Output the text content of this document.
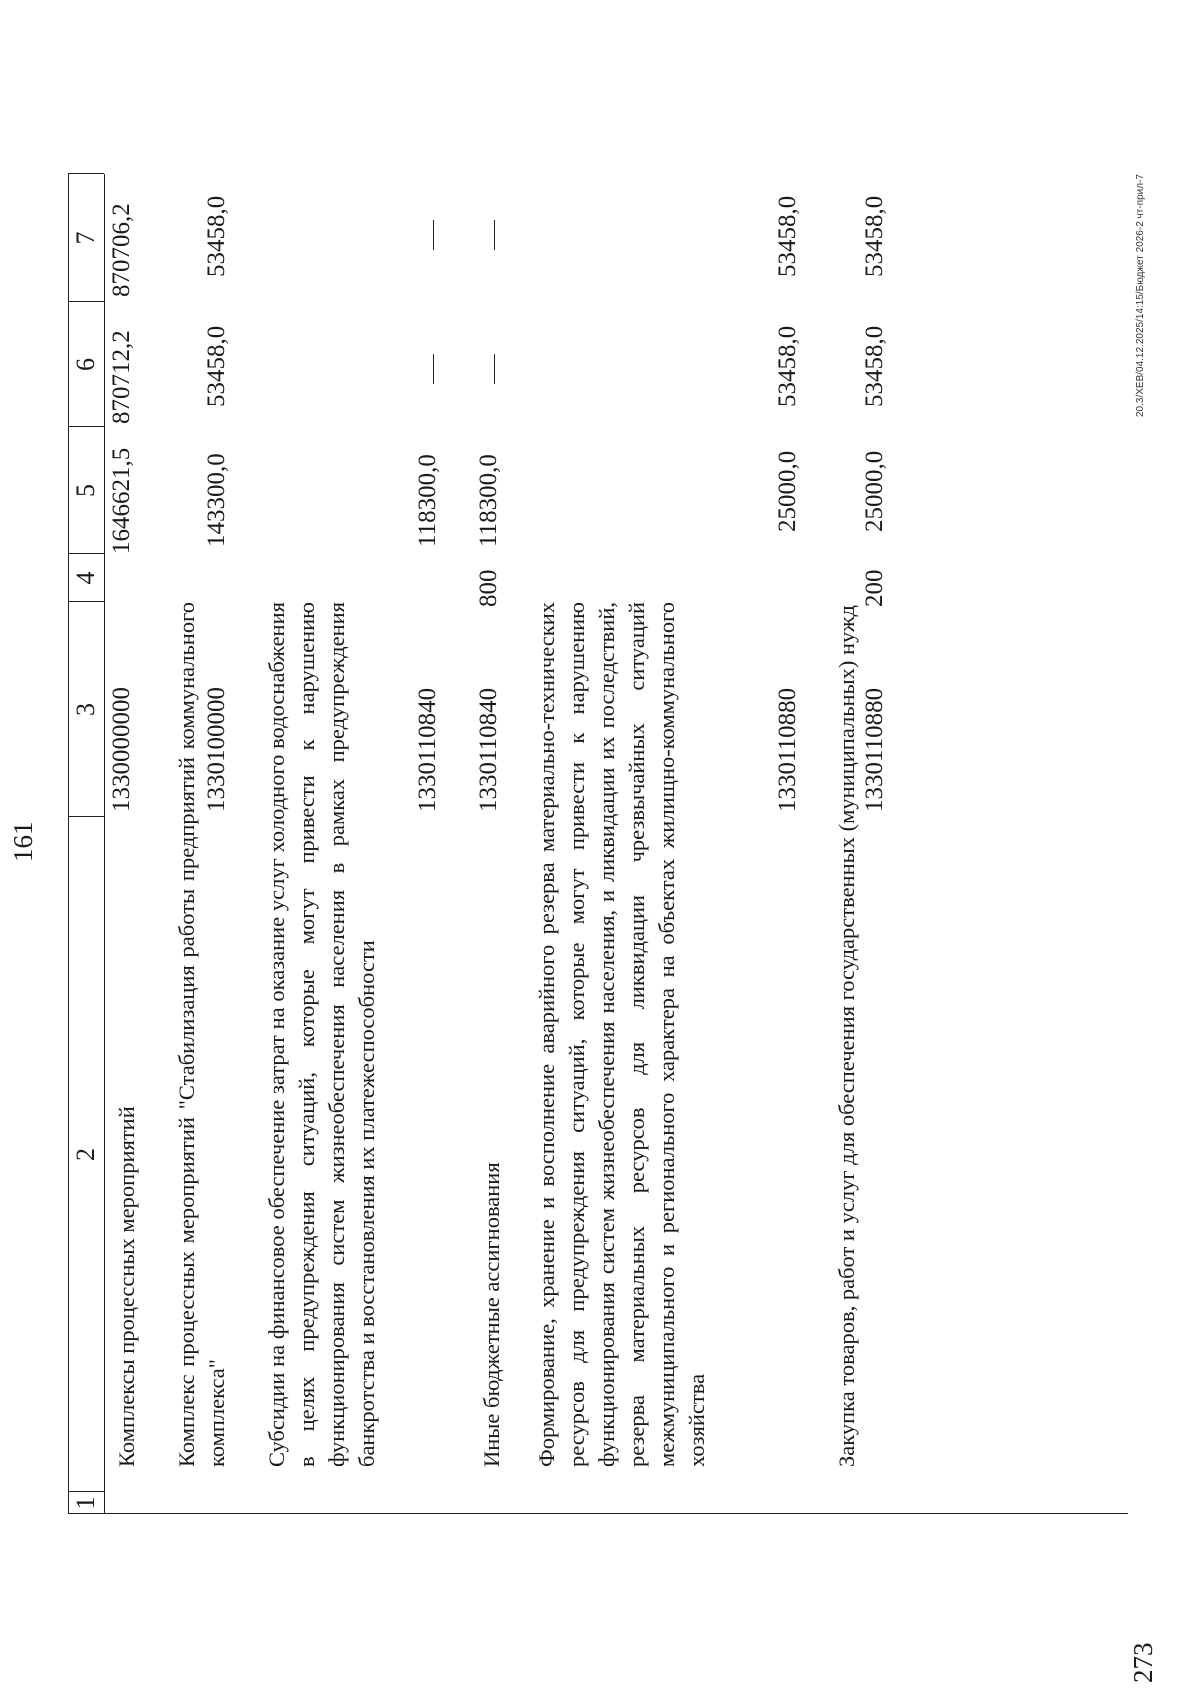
161
1
2
3
4
5
6
7
Комплексы процессных мероприятий
1330000000
1646621,5
870712,2
870706,2
Комплекс процессных мероприятий "Стабилизация работы предприятий коммунального комплекса"
1330100000
143300,0
53458,0
53458,0
Субсидии на финансовое обеспечение затрат на оказание услуг холодного водоснабжения в целях предупреждения ситуаций, которые могут привести к нарушению функционирования систем жизнеобеспечения населения в рамках предупреждения банкротства и восстановления их платежеспособности
1330110840
118300,0
Иные бюджетные ассигнования
1330110840
800
118300,0
Формирование, хранение и восполнение аварийного резерва материально-технических ресурсов для предупреждения ситуаций, которые могут привести к нарушению функционирования систем жизнеобеспечения населения, и ликвидации их последствий, резерва материальных ресурсов для ликвидации чрезвычайных ситуаций межмуниципального и регионального характера на объектах жилищно-коммунального хозяйства
1330110880
25000,0
53458,0
53458,0
Закупка товаров, работ и услуг для обеспечения государственных (муниципальных) нужд 1330110880
200
25000,0
53458,0
53458,0	20.3/ХЕВ/04.12.2025/14:15/Бюджет 2026-2 чт-прил-7
273
